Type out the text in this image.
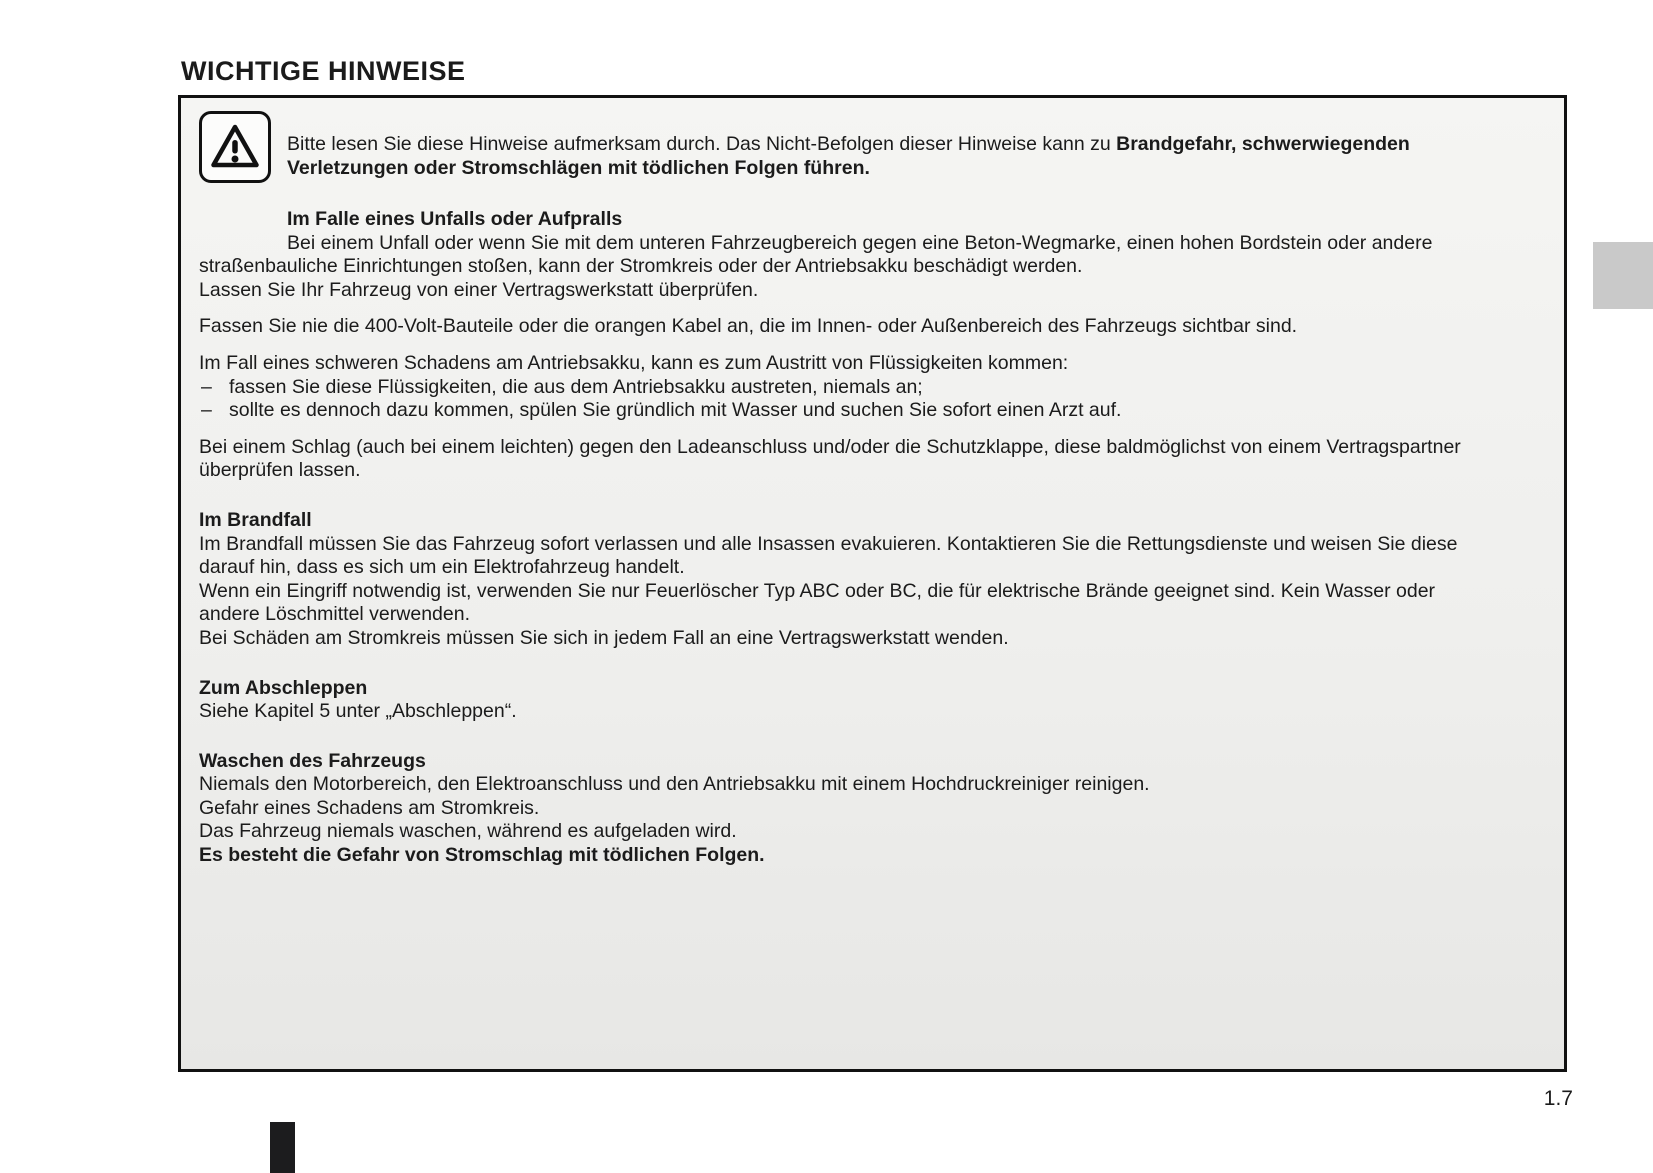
WICHTIGE HINWEISE

Bitte lesen Sie diese Hinweise aufmerksam durch. Das Nicht-Befolgen dieser Hinweise kann zu Brandgefahr, schwerwiegenden Verletzungen oder Stromschlägen mit tödlichen Folgen führen.

Im Falle eines Unfalls oder Aufpralls
Bei einem Unfall oder wenn Sie mit dem unteren Fahrzeugbereich gegen eine Beton-Wegmarke, einen hohen Bordstein oder andere straßenbauliche Einrichtungen stoßen, kann der Stromkreis oder der Antriebsakku beschädigt werden.
Lassen Sie Ihr Fahrzeug von einer Vertragswerkstatt überprüfen.
Fassen Sie nie die 400-Volt-Bauteile oder die orangen Kabel an, die im Innen- oder Außenbereich des Fahrzeugs sichtbar sind.
Im Fall eines schweren Schadens am Antriebsakku, kann es zum Austritt von Flüssigkeiten kommen:
– fassen Sie diese Flüssigkeiten, die aus dem Antriebsakku austreten, niemals an;
– sollte es dennoch dazu kommen, spülen Sie gründlich mit Wasser und suchen Sie sofort einen Arzt auf.
Bei einem Schlag (auch bei einem leichten) gegen den Ladeanschluss und/oder die Schutzklappe, diese baldmöglichst von einem Vertragspartner überprüfen lassen.
Im Brandfall
Im Brandfall müssen Sie das Fahrzeug sofort verlassen und alle Insassen evakuieren. Kontaktieren Sie die Rettungsdienste und weisen Sie diese darauf hin, dass es sich um ein Elektrofahrzeug handelt.
Wenn ein Eingriff notwendig ist, verwenden Sie nur Feuerlöscher Typ ABC oder BC, die für elektrische Brände geeignet sind. Kein Wasser oder andere Löschmittel verwenden.
Bei Schäden am Stromkreis müssen Sie sich in jedem Fall an eine Vertragswerkstatt wenden.
Zum Abschleppen
Siehe Kapitel 5 unter „Abschleppen“.
Waschen des Fahrzeugs
Niemals den Motorbereich, den Elektroanschluss und den Antriebsakku mit einem Hochdruckreiniger reinigen.
Gefahr eines Schadens am Stromkreis.
Das Fahrzeug niemals waschen, während es aufgeladen wird.
Es besteht die Gefahr von Stromschlag mit tödlichen Folgen.
1.7
